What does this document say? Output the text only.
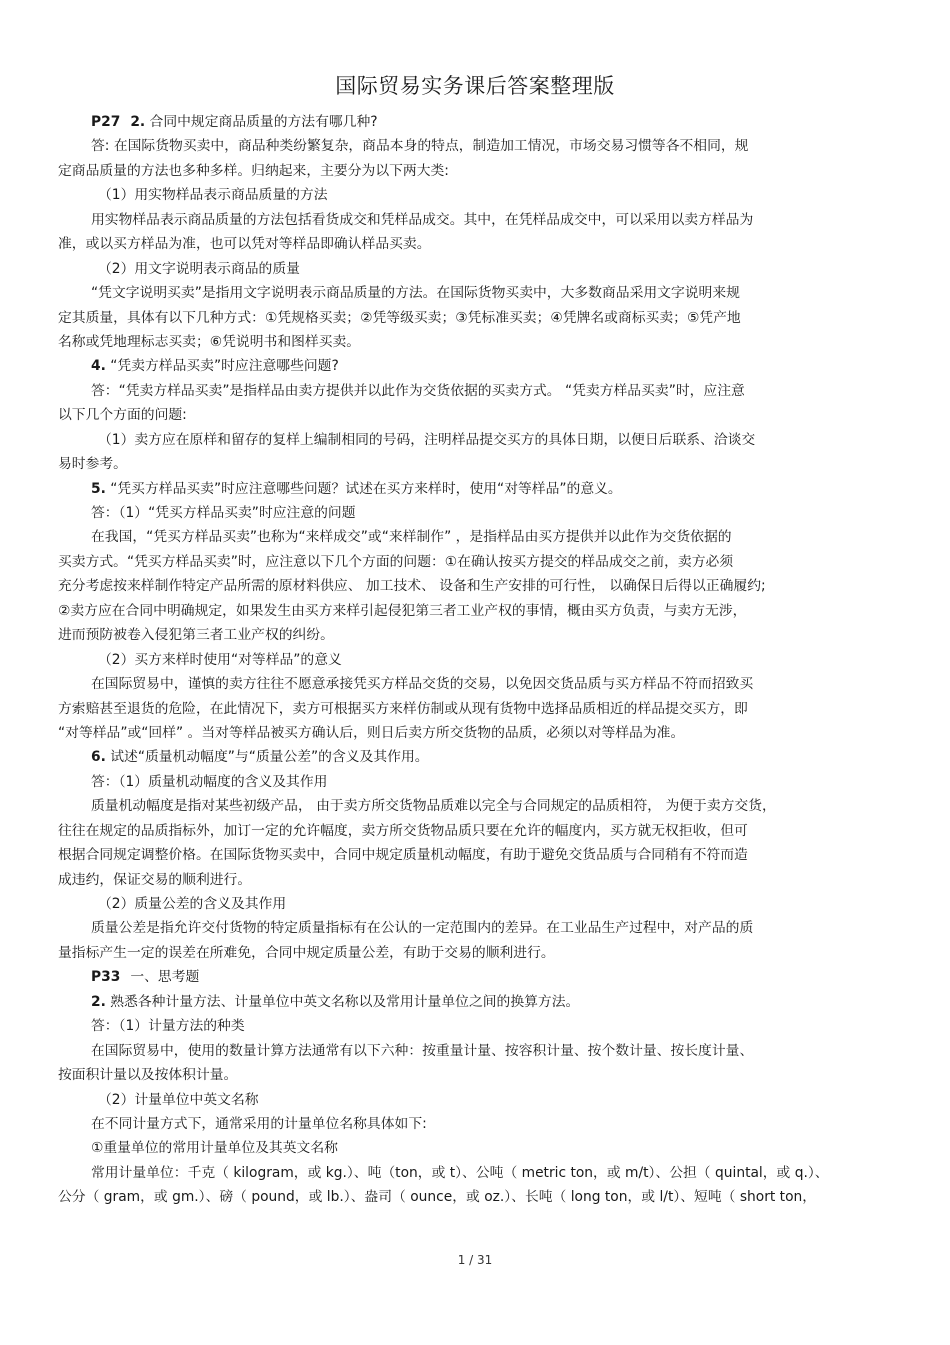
国际贸易实务课后答案整理版
P27 2. 合同中规定商品质量的方法有哪几种?
答: 在国际货物买卖中，商品种类纷繁复杂，商品本身的特点，制造加工情况，市场交易习惯等各不相同，规
定商品质量的方法也多种多样。归纳起来，主要分为以下两大类:
（1）用实物样品表示商品质量的方法
用实物样品表示商品质量的方法包括看货成交和凭样品成交。其中，在凭样品成交中，可以采用以卖方样品为
准，或以买方样品为准，也可以凭对等样品即确认样品买卖。
（2）用文字说明表示商品的质量
“凭文字说明买卖”是指用文字说明表示商品质量的方法。在国际货物买卖中，大多数商品采用文字说明来规
定其质量，具体有以下几种方式：①凭规格买卖；②凭等级买卖；③凭标准买卖；④凭牌名或商标买卖；⑤凭产地
名称或凭地理标志买卖；⑥凭说明书和图样买卖。
4. “凭卖方样品买卖”时应注意哪些问题?
答：“凭卖方样品买卖”是指样品由卖方提供并以此作为交货依据的买卖方式。 “凭卖方样品买卖”时，应注意
以下几个方面的问题:
（1）卖方应在原样和留存的复样上编制相同的号码，注明样品提交买方的具体日期，以便日后联系、洽谈交
易时参考。
5. “凭买方样品买卖”时应注意哪些问题？试述在买方来样时，使用“对等样品”的意义。
答：（1）“凭买方样品买卖”时应注意的问题
在我国，“凭买方样品买卖”也称为“来样成交”或“来样制作” ，是指样品由买方提供并以此作为交货依据的
买卖方式。“凭买方样品买卖”时，应注意以下几个方面的问题：①在确认按买方提交的样品成交之前，卖方必须
充分考虑按来样制作特定产品所需的原材料供应、 加工技术、 设备和生产安排的可行性， 以确保日后得以正确履约;
②卖方应在合同中明确规定，如果发生由买方来样引起侵犯第三者工业产权的事情，概由买方负责，与卖方无涉，
进而预防被卷入侵犯第三者工业产权的纠纷。
（2）买方来样时使用“对等样品”的意义
在国际贸易中，谨慎的卖方往往不愿意承接凭买方样品交货的交易，以免因交货品质与买方样品不符而招致买
方索赔甚至退货的危险，在此情况下，卖方可根据买方来样仿制或从现有货物中选择品质相近的样品提交买方，即
“对等样品”或“回样” 。当对等样品被买方确认后，则日后卖方所交货物的品质，必须以对等样品为准。
6. 试述“质量机动幅度”与“质量公差”的含义及其作用。
答：（1）质量机动幅度的含义及其作用
质量机动幅度是指对某些初级产品， 由于卖方所交货物品质难以完全与合同规定的品质相符， 为便于卖方交货，
往往在规定的品质指标外，加订一定的允许幅度，卖方所交货物品质只要在允许的幅度内，买方就无权拒收，但可
根据合同规定调整价格。在国际货物买卖中，合同中规定质量机动幅度，有助于避免交货品质与合同稍有不符而造
成违约，保证交易的顺利进行。
（2）质量公差的含义及其作用
质量公差是指允许交付货物的特定质量指标有在公认的一定范围内的差异。在工业品生产过程中，对产品的质
量指标产生一定的误差在所难免，合同中规定质量公差，有助于交易的顺利进行。
P33 一、思考题
2. 熟悉各种计量方法、计量单位中英文名称以及常用计量单位之间的换算方法。
答：（1）计量方法的种类
在国际贸易中，使用的数量计算方法通常有以下六种：按重量计量、按容积计量、按个数计量、按长度计量、
按面积计量以及按体积计量。
（2）计量单位中英文名称
在不同计量方式下，通常采用的计量单位名称具体如下:
①重量单位的常用计量单位及其英文名称
常用计量单位：千克（ kilogram，或 kg.）、吨（ton，或 t）、公吨（ metric ton，或 m/t）、公担（ quintal，或 q.）、
公分（ gram，或 gm.）、磅（ pound，或 lb.）、盎司（ ounce，或 oz.）、长吨（ long ton，或 l/t）、短吨（ short ton，
1 / 31
